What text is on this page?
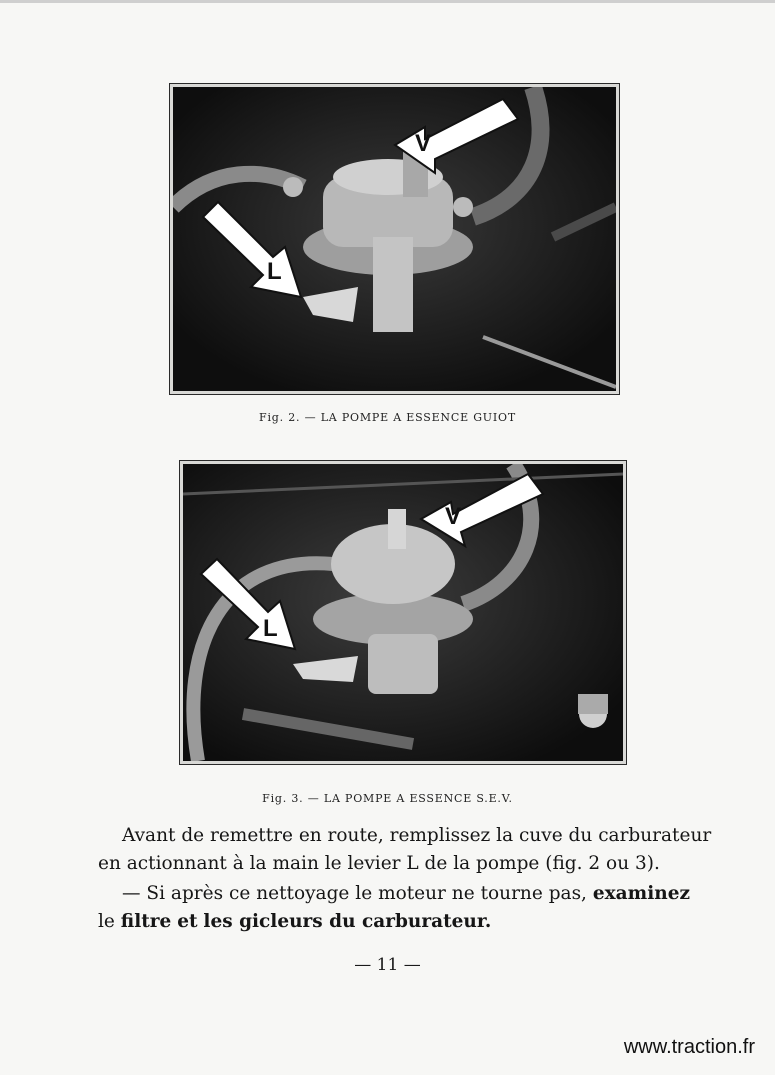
V
L
Fig. 2. — LA POMPE A ESSENCE GUIOT
V
L
Fig. 3. — LA POMPE A ESSENCE S.E.V.
Avant de remettre en route, remplissez la cuve du carburateur
en actionnant à la main le levier L de la pompe (fig. 2 ou 3).
— Si après ce nettoyage le moteur ne tourne pas, examinez
le filtre et les gicleurs du carburateur.
— 11 —
www.traction.fr
